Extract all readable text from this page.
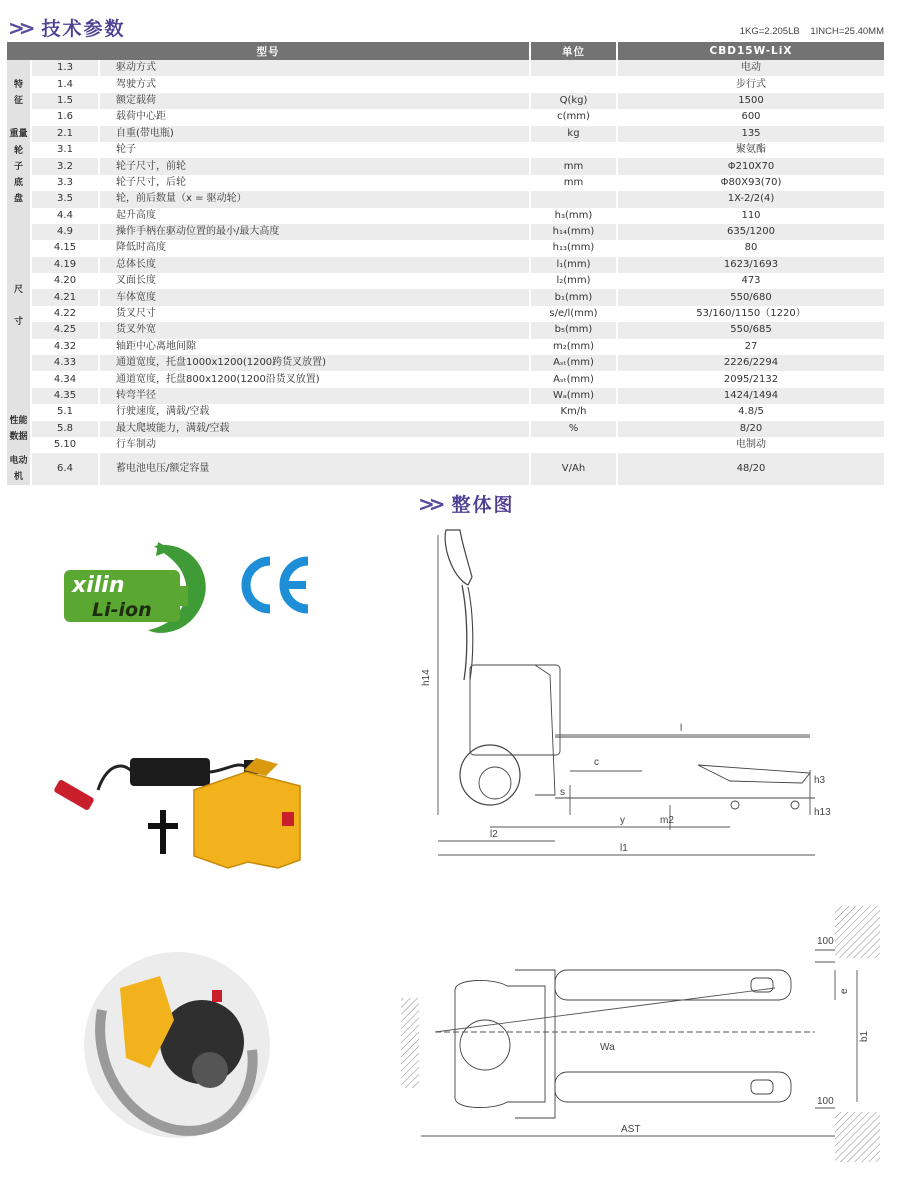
>> 技术参数	1KG=2.205LB 1INCH=25.40MM
型号			单位	CBD15W-LiX
特
征	1.3	驱动方式		电动
	1.4	驾驶方式		步行式
	1.5	额定载荷	Q(kg)	1500
	1.6	载荷中心距	c(mm)	600
重量	2.1	自重(带电瓶)	kg	135
轮
子
底
盘	3.1	轮子		聚氨酯
	3.2	轮子尺寸，前轮	mm	Φ210X70
	3.3	轮子尺寸，后轮	mm	Φ80X93(70)
	3.5	轮，前后数量（x = 驱动轮）		1X-2/2(4)
尺

寸	4.4	起升高度	h₃(mm)	110
	4.9	操作手柄在驱动位置的最小/最大高度	h₁₄(mm)	635/1200
	4.15	降低时高度	h₁₃(mm)	80
	4.19	总体长度	l₁(mm)	1623/1693
	4.20	叉面长度	l₂(mm)	473
	4.21	车体宽度	b₁(mm)	550/680
	4.22	货叉尺寸	s/e/l(mm)	53/160/1150（1220）
	4.25	货叉外宽	b₅(mm)	550/685
	4.32	轴距中心离地间隙	m₂(mm)	27
	4.33	通道宽度，托盘1000x1200(1200跨货叉放置)	Aₛₜ(mm)	2226/2294
	4.34	通道宽度，托盘800x1200(1200沿货叉放置)	Aₛₜ(mm)	2095/2132
	4.35	转弯半径	Wₐ(mm)	1424/1494
性能
数据	5.1	行驶速度，满载/空载	Km/h	4.8/5
	5.8	最大爬坡能力，满载/空载	%	8/20
	5.10	行车制动		电制动
电动机	6.4	蓄电池电压/额定容量	V/Ah	48/20
>> 整体图
xilin
Li-ion
h14
l
c
s
h3
h13
m2
y
l2
l1
Wa
100
e
b1
100
AST
